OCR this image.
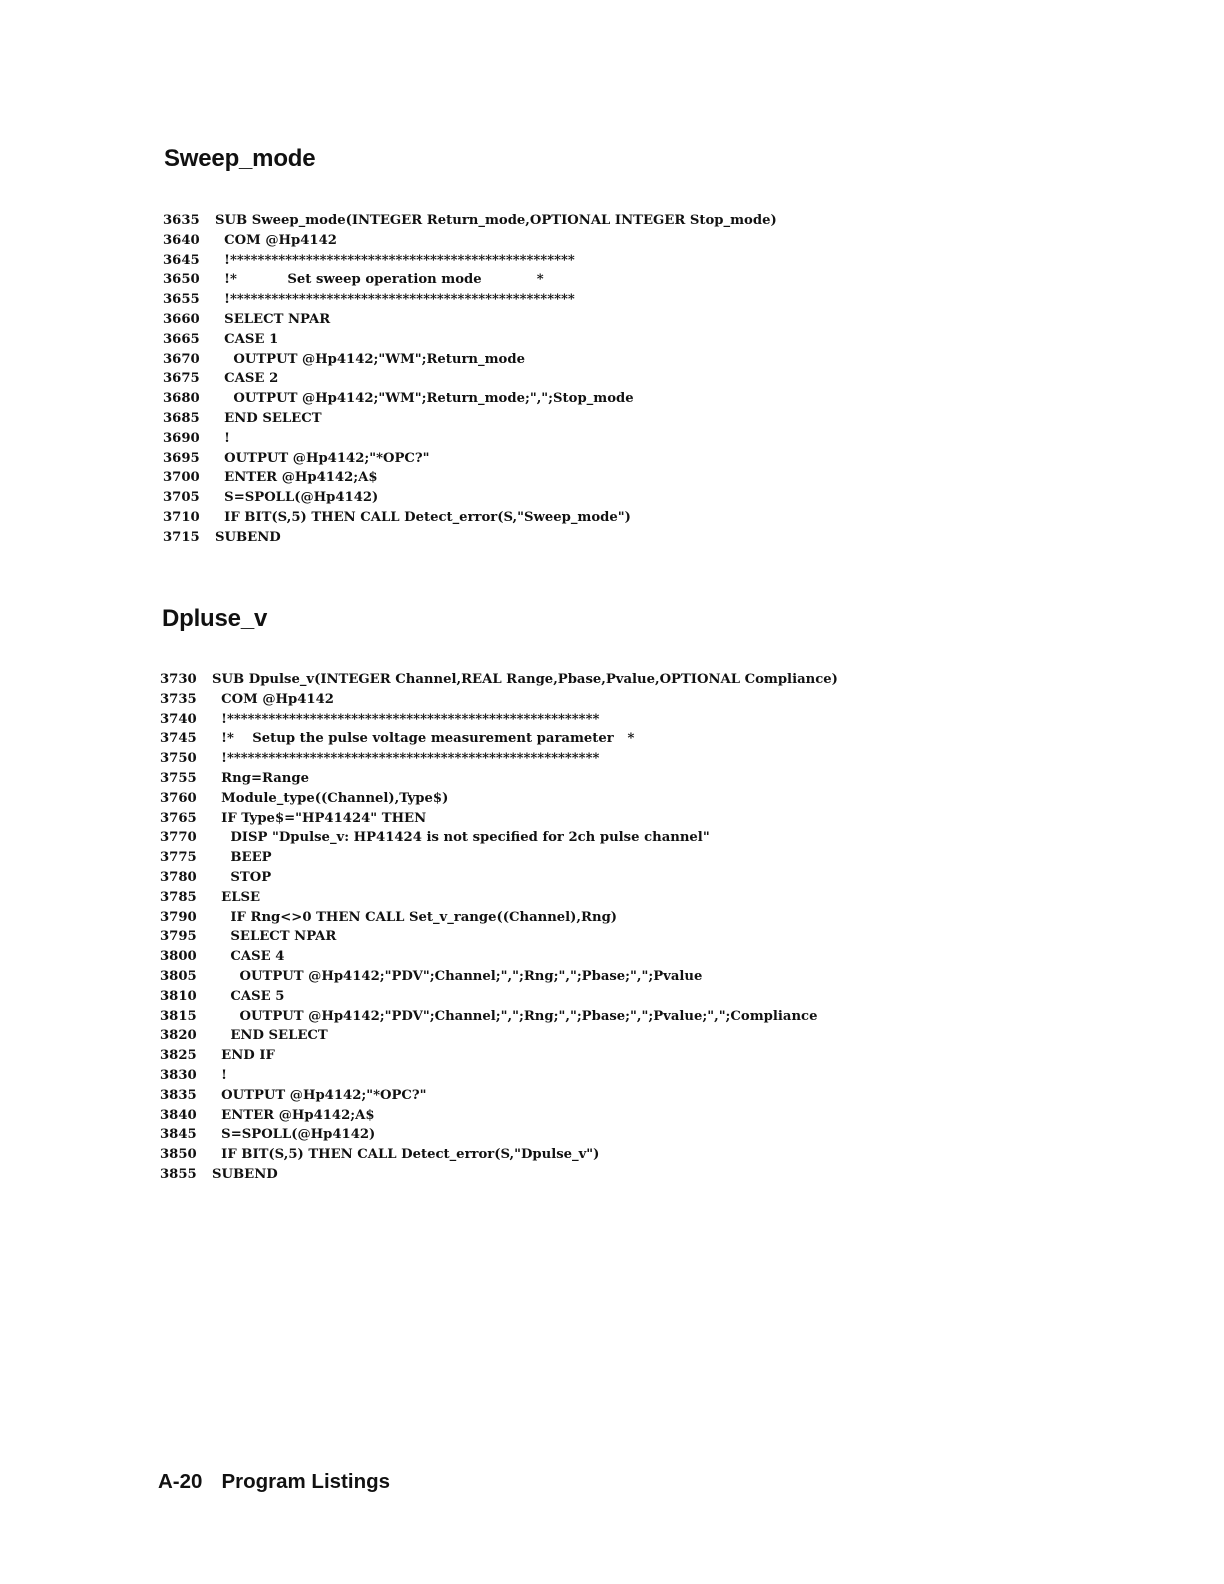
Sweep_mode
3635 SUB Sweep_mode(INTEGER Return_mode,OPTIONAL INTEGER Stop_mode)
3640  COM @Hp4142
3645  !**************************************************
3650  !*           Set sweep operation mode            *
3655  !**************************************************
3660  SELECT NPAR
3665  CASE 1
3670    OUTPUT @Hp4142;"WM";Return_mode
3675  CASE 2
3680    OUTPUT @Hp4142;"WM";Return_mode;",";Stop_mode
3685  END SELECT
3690  !
3695  OUTPUT @Hp4142;"*OPC?"
3700  ENTER @Hp4142;A$
3705  S=SPOLL(@Hp4142)
3710  IF BIT(S,5) THEN CALL Detect_error(S,"Sweep_mode")
3715 SUBEND
Dpluse_v
3730 SUB Dpulse_v(INTEGER Channel,REAL Range,Pbase,Pvalue,OPTIONAL Compliance)
3735  COM @Hp4142
3740  !******************************************************
3745  !*    Setup the pulse voltage measurement parameter   *
3750  !******************************************************
3755  Rng=Range
3760  Module_type((Channel),Type$)
3765  IF Type$="HP41424" THEN
3770    DISP "Dpulse_v: HP41424 is not specified for 2ch pulse channel"
3775    BEEP
3780    STOP
3785  ELSE
3790    IF Rng<>0 THEN CALL Set_v_range((Channel),Rng)
3795    SELECT NPAR
3800    CASE 4
3805      OUTPUT @Hp4142;"PDV";Channel;",";Rng;",";Pbase;",";Pvalue
3810    CASE 5
3815      OUTPUT @Hp4142;"PDV";Channel;",";Rng;",";Pbase;",";Pvalue;",";Compliance
3820    END SELECT
3825  END IF
3830  !
3835  OUTPUT @Hp4142;"*OPC?"
3840  ENTER @Hp4142;A$
3845  S=SPOLL(@Hp4142)
3850  IF BIT(S,5) THEN CALL Detect_error(S,"Dpulse_v")
3855 SUBEND
A-20 Program Listings
